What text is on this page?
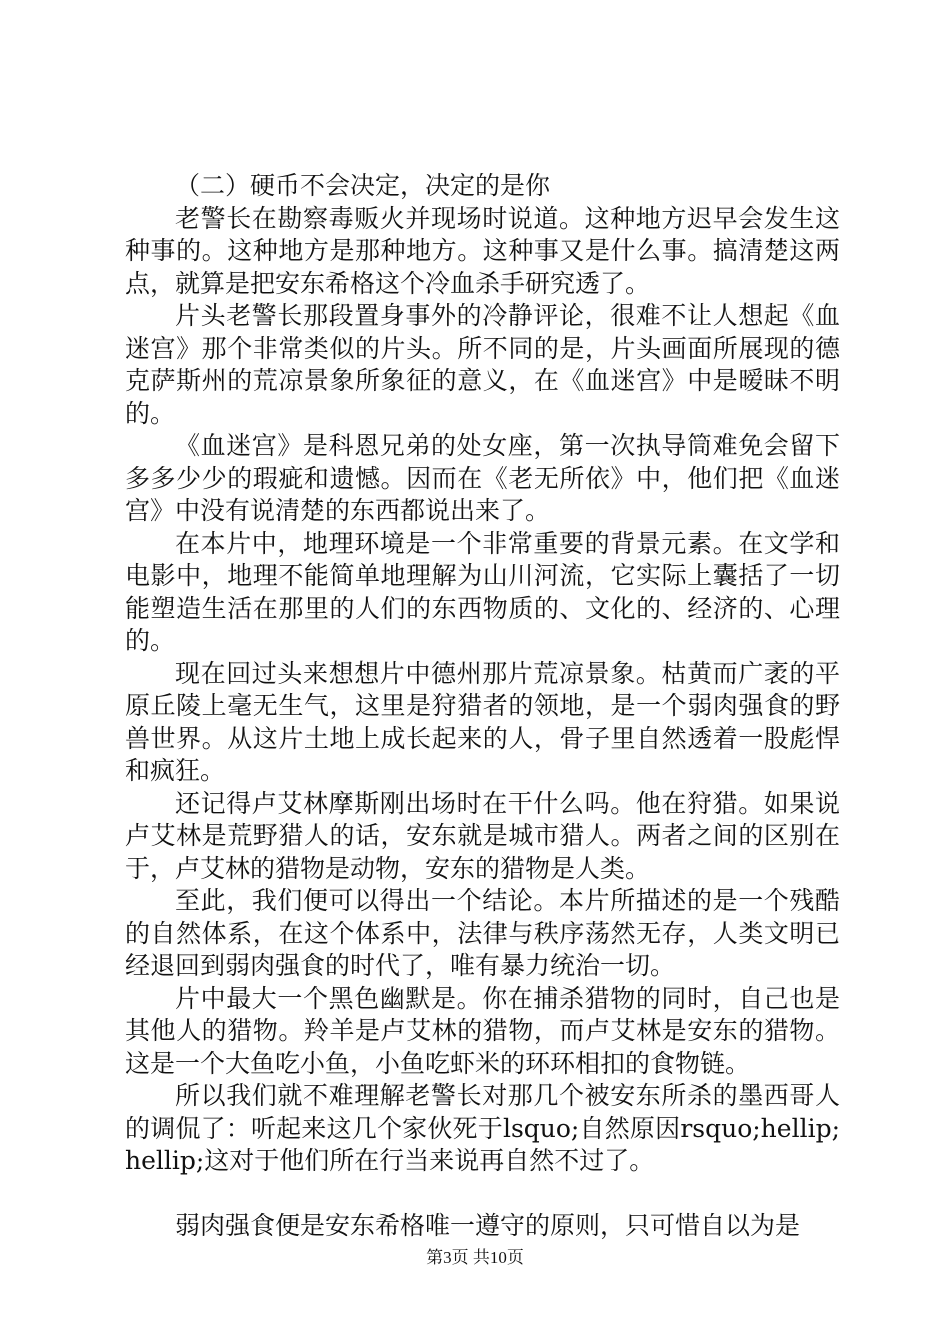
（二）硬币不会决定，决定的是你

老警长在勘察毒贩火并现场时说道。这种地方迟早会发生这种事的。这种地方是那种地方。这种事又是什么事。搞清楚这两点，就算是把安东希格这个冷血杀手研究透了。

片头老警长那段置身事外的冷静评论，很难不让人想起《血迷宫》那个非常类似的片头。所不同的是，片头画面所展现的德克萨斯州的荒凉景象所象征的意义，在《血迷宫》中是暧昧不明的。

《血迷宫》是科恩兄弟的处女座，第一次执导筒难免会留下多多少少的瑕疵和遗憾。因而在《老无所依》中，他们把《血迷宫》中没有说清楚的东西都说出来了。

在本片中，地理环境是一个非常重要的背景元素。在文学和电影中，地理不能简单地理解为山川河流，它实际上囊括了一切能塑造生活在那里的人们的东西物质的、文化的、经济的、心理的。

现在回过头来想想片中德州那片荒凉景象。枯黄而广袤的平原丘陵上毫无生气，这里是狩猎者的领地，是一个弱肉强食的野兽世界。从这片土地上成长起来的人，骨子里自然透着一股彪悍和疯狂。

还记得卢艾林摩斯刚出场时在干什么吗。他在狩猎。如果说卢艾林是荒野猎人的话，安东就是城市猎人。两者之间的区别在于，卢艾林的猎物是动物，安东的猎物是人类。

至此，我们便可以得出一个结论。本片所描述的是一个残酷的自然体系，在这个体系中，法律与秩序荡然无存，人类文明已经退回到弱肉强食的时代了，唯有暴力统治一切。

片中最大一个黑色幽默是。你在捕杀猎物的同时，自己也是其他人的猎物。羚羊是卢艾林的猎物，而卢艾林是安东的猎物。这是一个大鱼吃小鱼，小鱼吃虾米的环环相扣的食物链。

所以我们就不难理解老警长对那几个被安东所杀的墨西哥人的调侃了：听起来这几个家伙死于lsquo;自然原因rsquo;hellip;hellip;这对于他们所在行当来说再自然不过了。

弱肉强食便是安东希格唯一遵守的原则，只可惜自以为是

第3页 共10页
